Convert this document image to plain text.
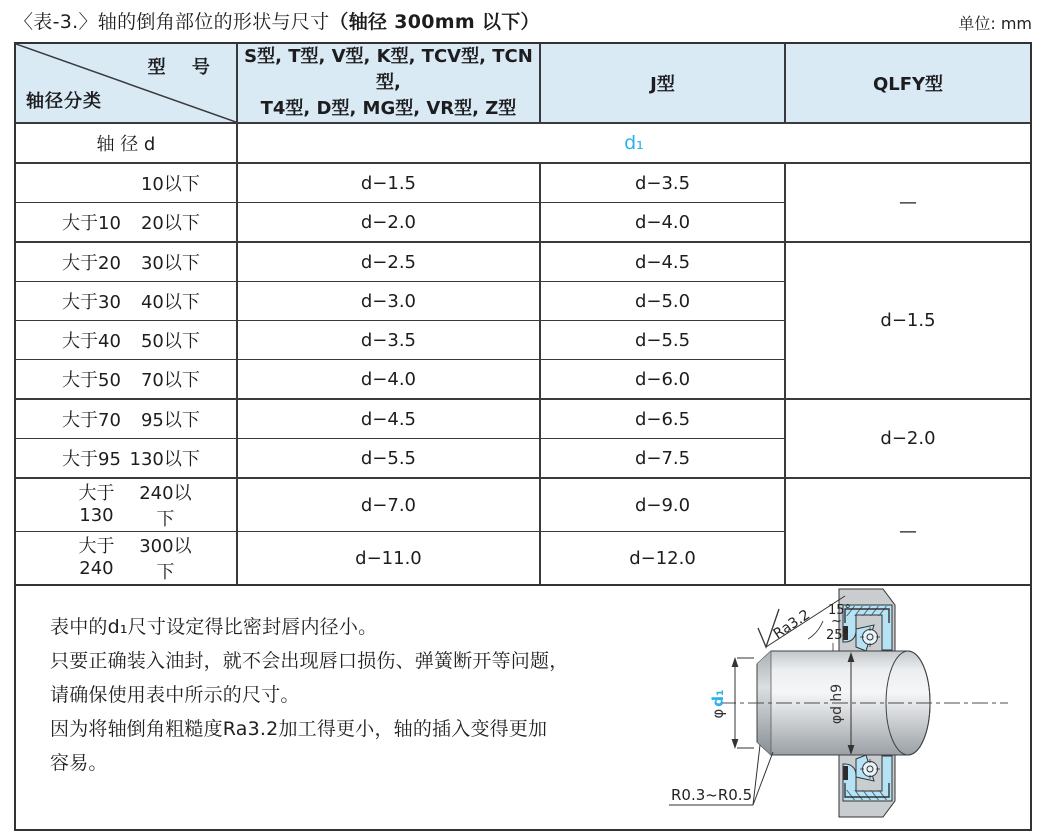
〈表-3.〉轴的倒角部位的形状与尺寸（轴径 300mm 以下）	单位: mm
型 号
轴径分类

S型, T型, V型, K型, TCV型, TCN型,
T4型, D型, MG型, VR型, Z型
	J型	QLFY型
轴 径 d	d₁		

10以下	d−1.5	d−3.5	—

大于10 20以下	d−2.0	d−4.0	

大于20 30以下	d−2.5	d−4.5	d−1.5

大于30 40以下	d−3.0	d−5.0	

大于40 50以下	d−3.5	d−5.5	

大于50 70以下	d−4.0	d−6.0	

大于70 95以下	d−4.5	d−6.5	d−2.0

大于95 130以下	d−5.5	d−7.5	

大于130
240以下	d−7.0	d−9.0	—

大于240
300以下	d−11.0	d−12.0	
表中的d₁尺寸设定得比密封唇内径小。
只要正确装入油封，就不会出现唇口损伤、弹簧断开等问题，
请确保使用表中所示的尺寸。
因为将轴倒角粗糙度Ra3.2加工得更小，轴的插入变得更加
容易。
φd₁	φd h9
Ra3.2 15°
~
25°
R0.3~R0.5
